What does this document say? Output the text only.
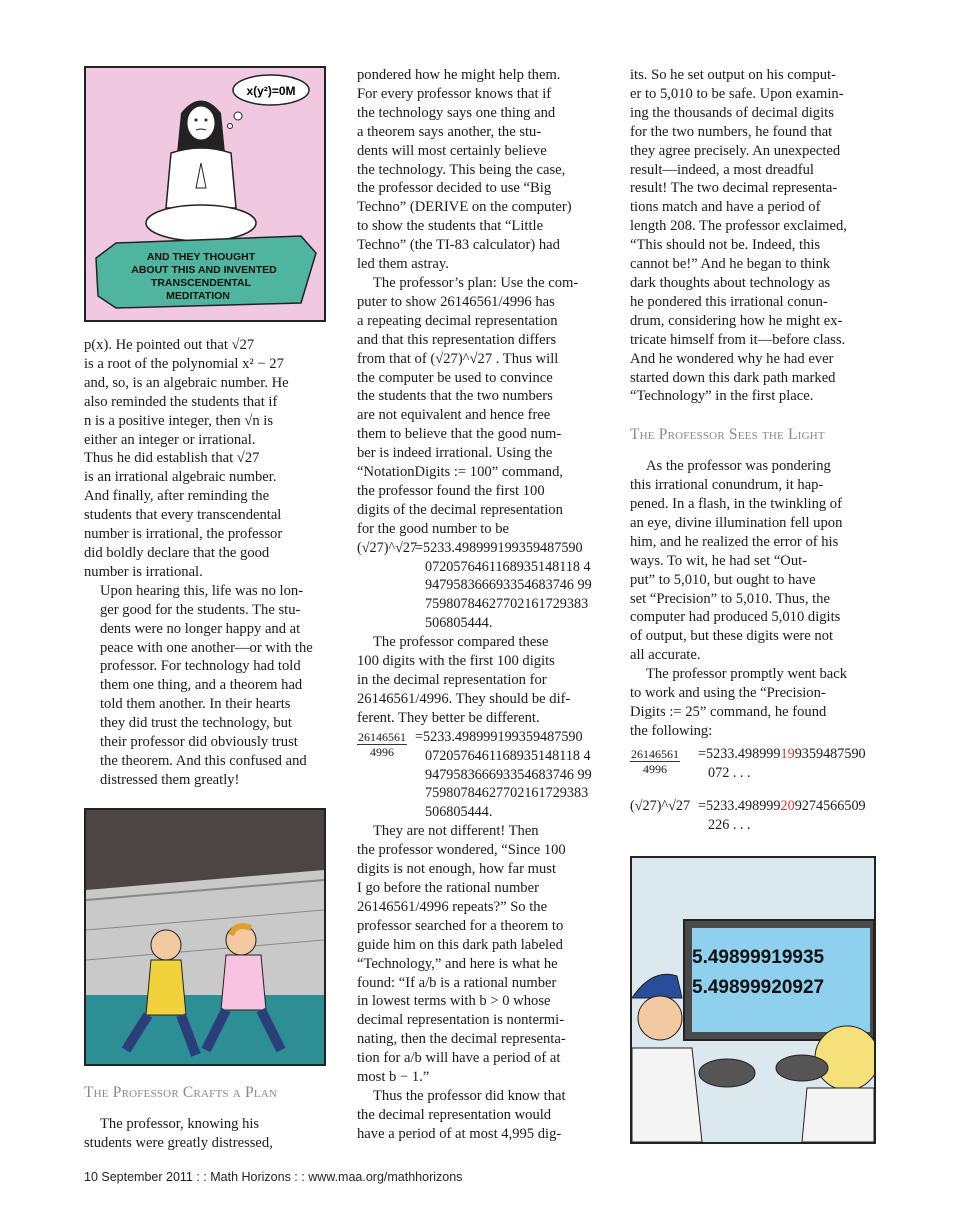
x(y²)=0M
AND THEY THOUGHT
ABOUT THIS AND INVENTED
TRANSCENDENTAL
MEDITATION
p(x). He pointed out that √27
is a root of the polynomial x² − 27
and, so, is an algebraic number. He
also reminded the students that if
n is a positive integer, then √n is
either an integer or irrational.
Thus he did establish that √27
is an irrational algebraic number.
And finally, after reminding the
students that every transcendental
number is irrational, the professor
did boldly declare that the good
number is irrational.
Upon hearing this, life was no lon-
ger good for the students. The stu-
dents were no longer happy and at
peace with one another—or with the
professor. For technology had told
them one thing, and a theorem had
told them another. In their hearts
they did trust the technology, but
their professor did obviously trust
the theorem. And this confused and
distressed them greatly!
The Professor Crafts a Plan
The professor, knowing his
students were greatly distressed,
pondered how he might help them.
For every professor knows that if
the technology says one thing and
a theorem says another, the stu-
dents will most certainly believe
the technology. This being the case,
the professor decided to use “Big
Techno” (DERIVE on the computer)
to show the students that “Little
Techno” (the TI-83 calculator) had
led them astray.
The professor’s plan: Use the com-
puter to show 26146561/4996 has
a repeating decimal representation
and that this representation differs
from that of (√27)^√27 . Thus will
the computer be used to convince
the students that the two numbers
are not equivalent and hence free
them to believe that the good num-
ber is indeed irrational. Using the
“NotationDigits := 100” command,
the professor found the first 100
digits of the decimal representation
for the good number to be
(√27)^√27
=5233.498999199359487590
0720576461168935148118 4
947958366693354683746 99
75980784627702161729383
506805444.
The professor compared these
100 digits with the first 100 digits
in the decimal representation for
26146561/4996. They should be dif-
ferent. They better be different.
$\frac{26146561}{4996} =5233.498999199359487590$
0720576461168935148118 4
947958366693354683746 99
75980784627702161729383
506805444.
They are not different! Then
the professor wondered, “Since 100
digits is not enough, how far must
I go before the rational number
26146561/4996 repeats?” So the
professor searched for a theorem to
guide him on this dark path labeled
“Technology,” and here is what he
found: “If a/b is a rational number
in lowest terms with b > 0 whose
decimal representation is nontermi-
nating, then the decimal representa-
tion for a/b will have a period of at
most b − 1.”
Thus the professor did know that
the decimal representation would
have a period of at most 4,995 dig-
its. So he set output on his comput-
er to 5,010 to be safe. Upon examin-
ing the thousands of decimal digits
for the two numbers, he found that
they agree precisely. An unexpected
result—indeed, a most dreadful
result! The two decimal representa-
tions match and have a period of
length 208. The professor exclaimed,
“This should not be. Indeed, this
cannot be!” And he began to think
dark thoughts about technology as
he pondered this irrational conun-
drum, considering how he might ex-
tricate himself from it—before class.
And he wondered why he had ever
started down this dark path marked
“Technology” in the first place.
The Professor Sees the Light
As the professor was pondering
this irrational conundrum, it hap-
pened. In a flash, in the twinkling of
an eye, divine illumination fell upon
him, and he realized the error of his
ways. To wit, he had set “Out-
put” to 5,010, but ought to have
set “Precision” to 5,010. Thus, the
computer had produced 5,010 digits
of output, but these digits were not
all accurate.
The professor promptly went back
to work and using the “Precision-
Digits := 25” command, he found
the following:
$\frac{26146561}{4996} =5233.498999199359487590$
072 . . .
(√27)^√27 =5233.498999209274566509
226 . . .
5.49899919935
5.49899920927
10 September 2011 : : Math Horizons : : www.maa.org/mathhorizons
